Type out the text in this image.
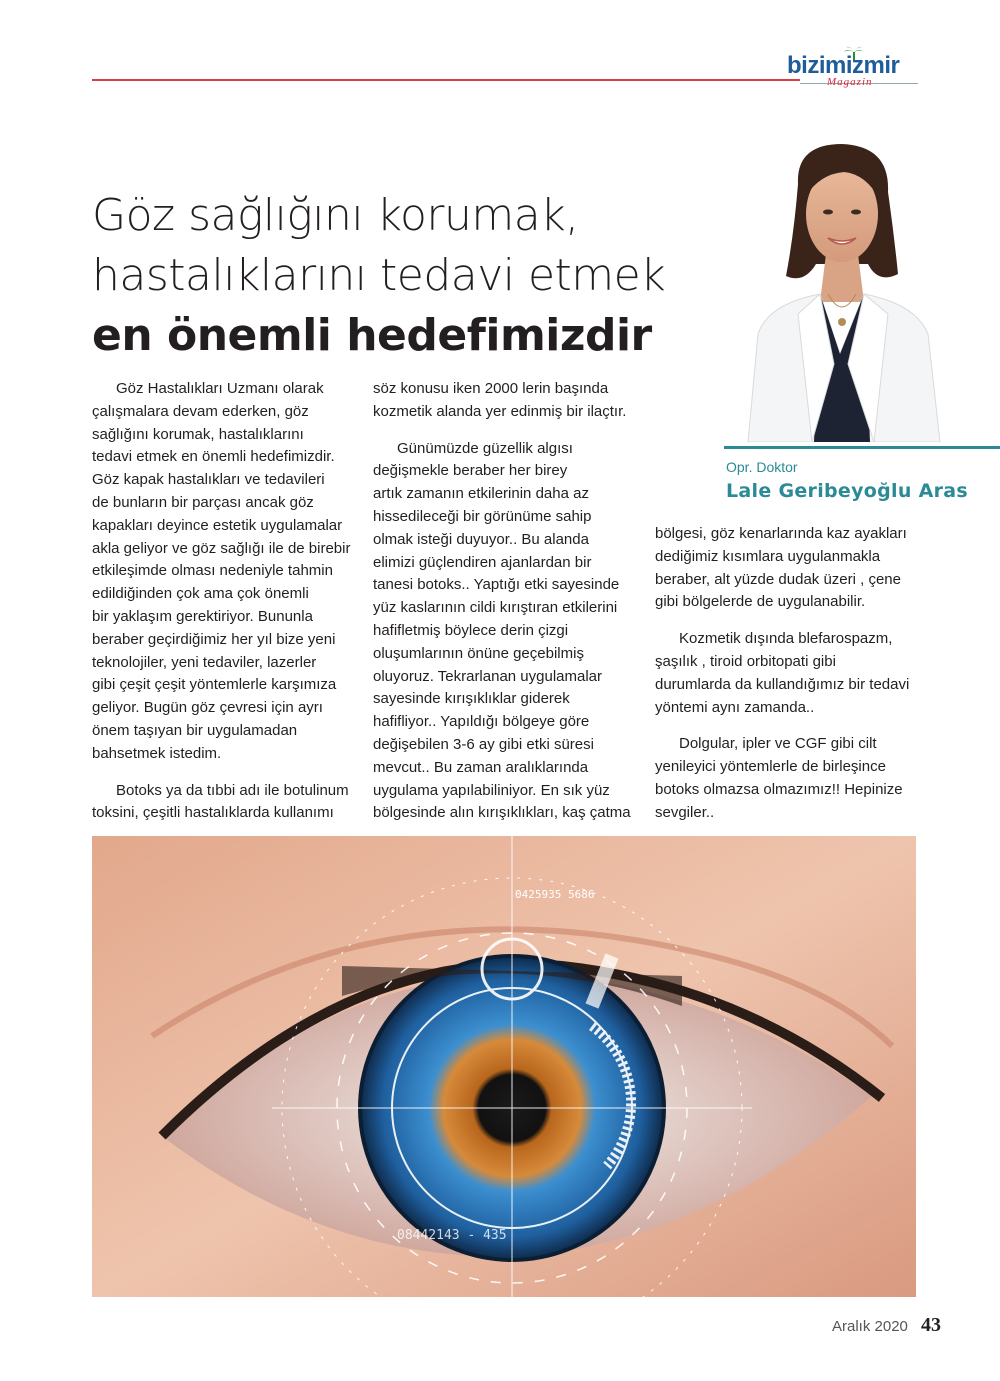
bizimizmir
Magazin
Göz sağlığını korumak,
hastalıklarını tedavi etmek
en önemli hedefimizdir
Opr. Doktor
Lale Geribeyoğlu Aras

Göz Hastalıkları Uzmanı olarak
çalışmalara devam ederken, göz
sağlığını korumak, hastalıklarını
tedavi etmek en önemli hedefimizdir.
Göz kapak hastalıkları ve tedavileri
de bunların bir parçası ancak göz
kapakları deyince estetik uygulamalar
akla geliyor ve göz sağlığı ile de birebir
etkileşimde olması nedeniyle tahmin
edildiğinden çok ama çok önemli
bir yaklaşım gerektiriyor. Bununla
beraber geçirdiğimiz her yıl bize yeni
teknolojiler, yeni tedaviler, lazerler
gibi çeşit çeşit yöntemlerle karşımıza
geliyor. Bugün göz çevresi için ayrı
önem taşıyan bir uygulamadan
bahsetmek istedim.

Botoks ya da tıbbi adı ile botulinum
toksini, çeşitli hastalıklarda kullanımı

söz konusu iken 2000 lerin başında
kozmetik alanda yer edinmiş bir ilaçtır.

Günümüzde güzellik algısı
değişmekle beraber her birey
artık zamanın etkilerinin daha az
hissedileceği bir görünüme sahip
olmak isteği duyuyor.. Bu alanda
elimizi güçlendiren ajanlardan bir
tanesi botoks.. Yaptığı etki sayesinde
yüz kaslarının cildi kırıştıran etkilerini
hafifletmiş böylece derin çizgi
oluşumlarının önüne geçebilmiş
oluyoruz. Tekrarlanan uygulamalar
sayesinde kırışıklıklar giderek
hafifliyor.. Yapıldığı bölgeye göre
değişebilen 3-6 ay gibi etki süresi
mevcut.. Bu zaman aralıklarında
uygulama yapılabiliniyor. En sık yüz
bölgesinde alın kırışıklıkları, kaş çatma

bölgesi, göz kenarlarında kaz ayakları
dediğimiz kısımlara uygulanmakla
beraber, alt yüzde dudak üzeri , çene
gibi bölgelerde de uygulanabilir.

Kozmetik dışında blefarospazm,
şaşılık , tiroid orbitopati gibi
durumlarda da kullandığımız bir tedavi
yöntemi aynı zamanda..

Dolgular, ipler ve CGF gibi cilt
yenileyici yöntemlerle de birleşince
botoks olmazsa olmazımız!! Hepinize
sevgiler..

0425935 5686
08442143 - 435
Aralık 2020 43
